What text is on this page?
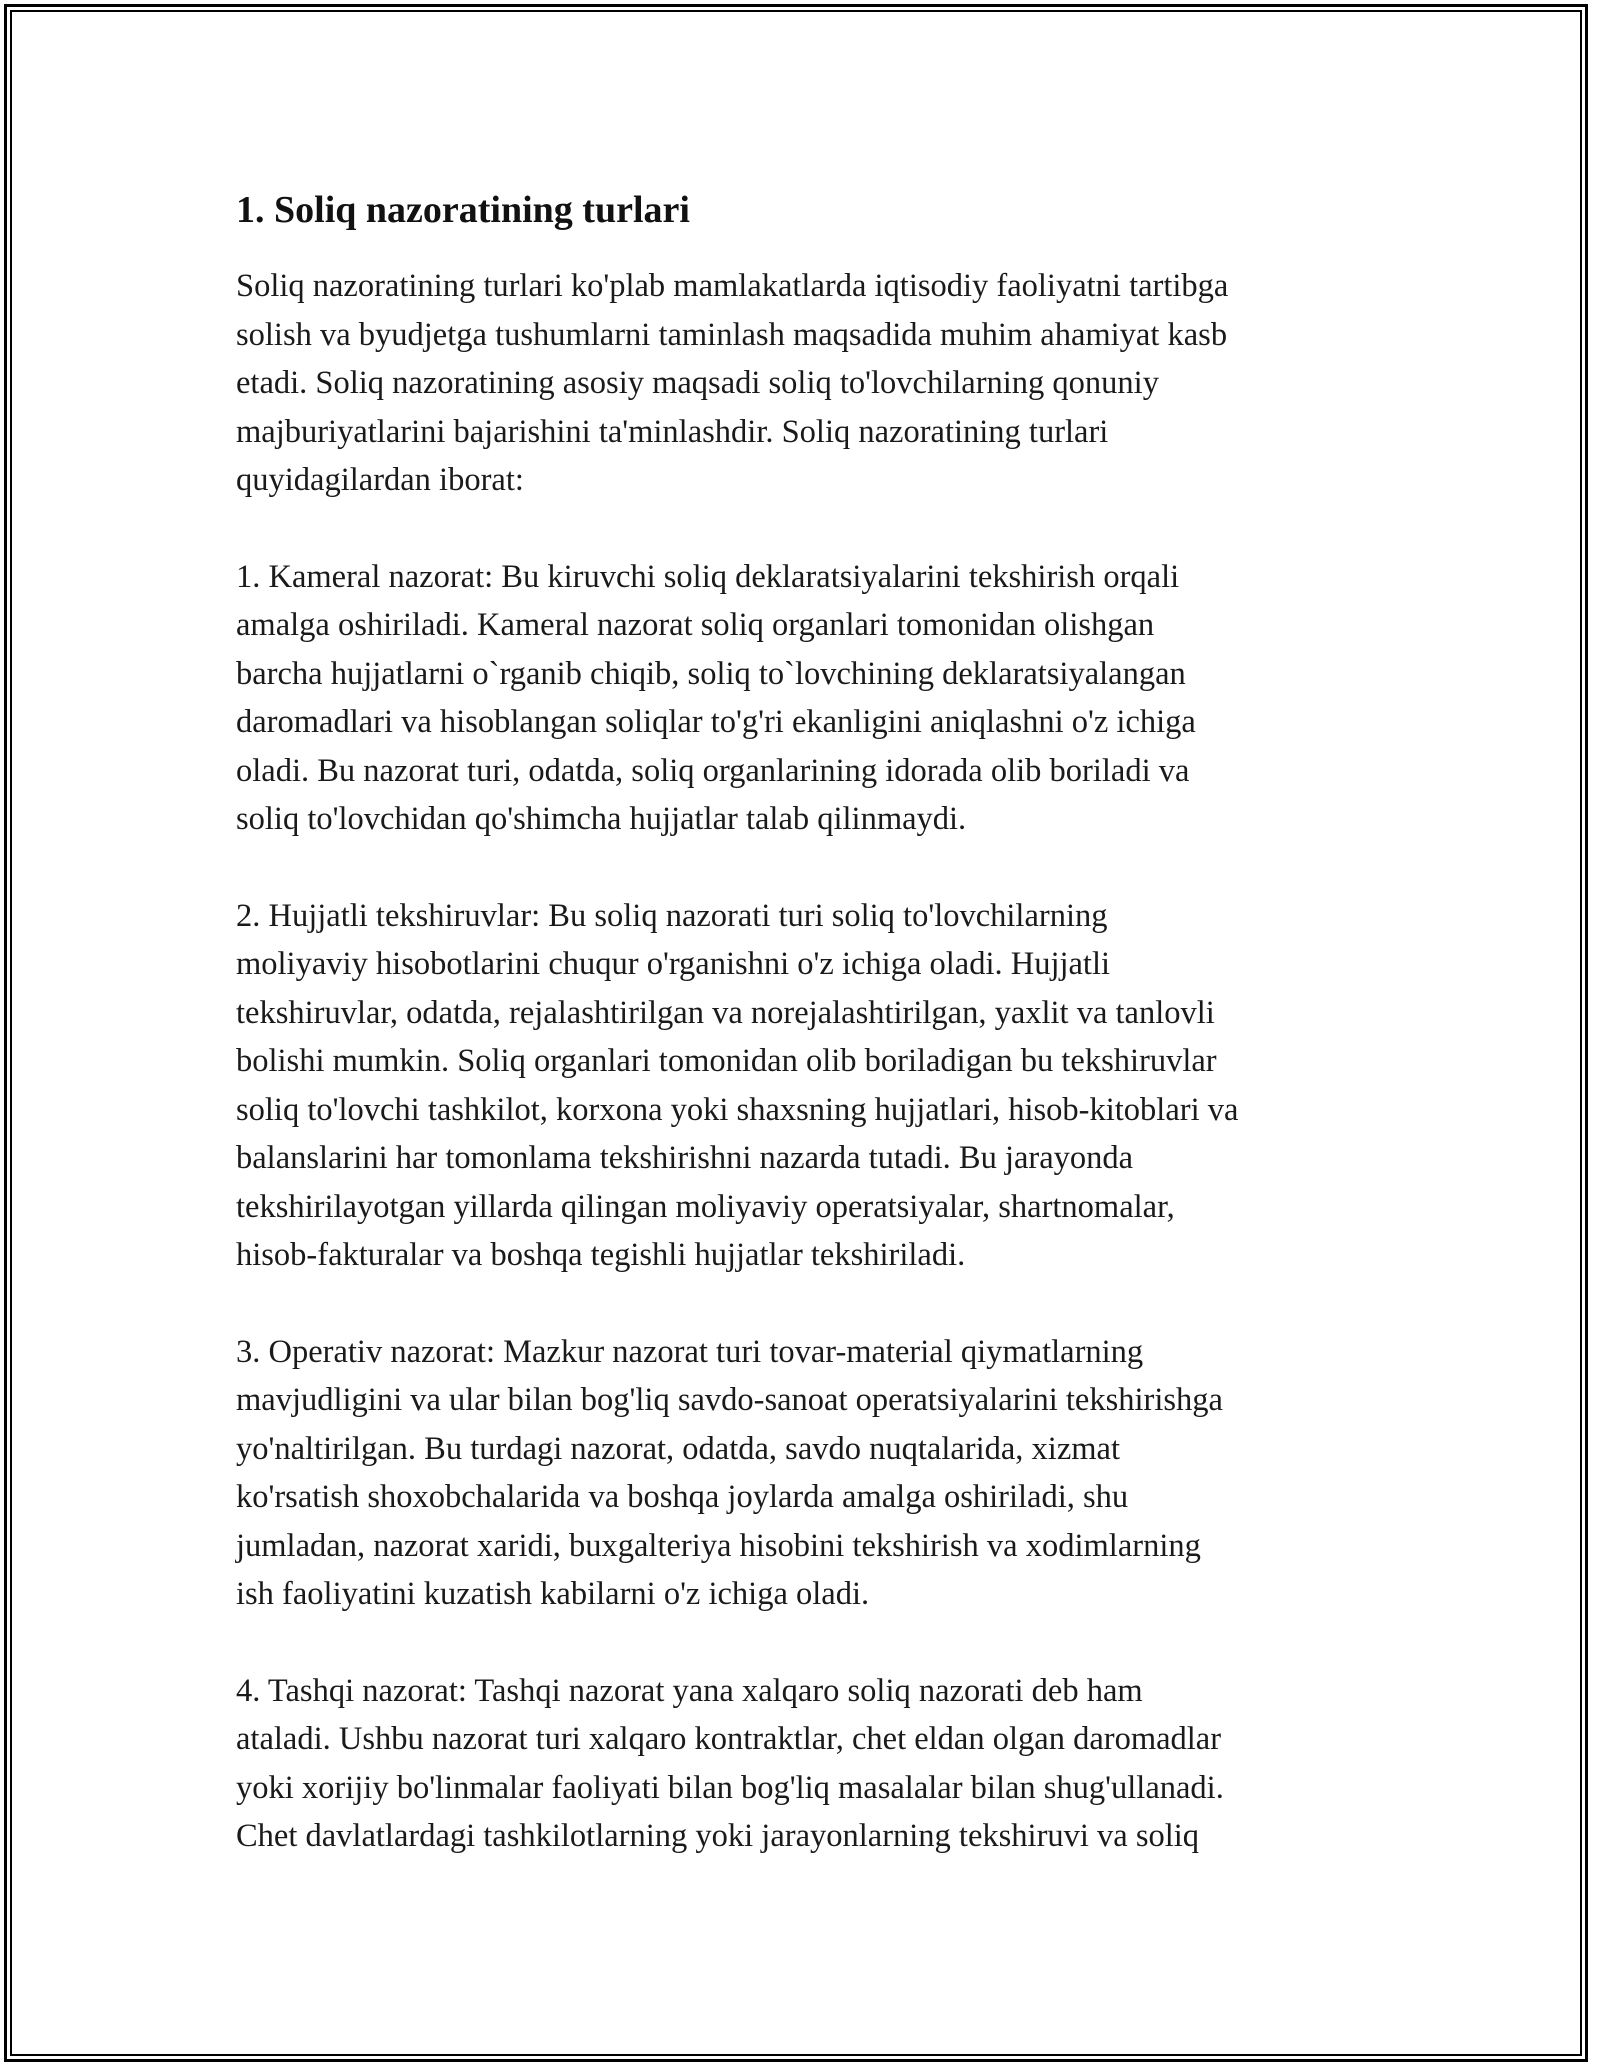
1. Soliq nazoratining turlari

Soliq nazoratining turlari ko'plab mamlakatlarda iqtisodiy faoliyatni tartibga
solish va byudjetga tushumlarni taminlash maqsadida muhim ahamiyat kasb
etadi. Soliq nazoratining asosiy maqsadi soliq to'lovchilarning qonuniy
majburiyatlarini bajarishini ta'minlashdir. Soliq nazoratining turlari
quyidagilardan iborat:

1. Kameral nazorat: Bu kiruvchi soliq deklaratsiyalarini tekshirish orqali
amalga oshiriladi. Kameral nazorat soliq organlari tomonidan olishgan
barcha hujjatlarni o`rganib chiqib, soliq to`lovchining deklaratsiyalangan
daromadlari va hisoblangan soliqlar to'g'ri ekanligini aniqlashni o'z ichiga
oladi. Bu nazorat turi, odatda, soliq organlarining idorada olib boriladi va
soliq to'lovchidan qo'shimcha hujjatlar talab qilinmaydi.

2. Hujjatli tekshiruvlar: Bu soliq nazorati turi soliq to'lovchilarning
moliyaviy hisobotlarini chuqur o'rganishni o'z ichiga oladi. Hujjatli
tekshiruvlar, odatda, rejalashtirilgan va norejalashtirilgan, yaxlit va tanlovli
bolishi mumkin. Soliq organlari tomonidan olib boriladigan bu tekshiruvlar
soliq to'lovchi tashkilot, korxona yoki shaxsning hujjatlari, hisob-kitoblari va
balanslarini har tomonlama tekshirishni nazarda tutadi. Bu jarayonda
tekshirilayotgan yillarda qilingan moliyaviy operatsiyalar, shartnomalar,
hisob-fakturalar va boshqa tegishli hujjatlar tekshiriladi.

3. Operativ nazorat: Mazkur nazorat turi tovar-material qiymatlarning
mavjudligini va ular bilan bog'liq savdo-sanoat operatsiyalarini tekshirishga
yo'naltirilgan. Bu turdagi nazorat, odatda, savdo nuqtalarida, xizmat
ko'rsatish shoxobchalarida va boshqa joylarda amalga oshiriladi, shu
jumladan, nazorat xaridi, buxgalteriya hisobini tekshirish va xodimlarning
ish faoliyatini kuzatish kabilarni o'z ichiga oladi.

4. Tashqi nazorat: Tashqi nazorat yana xalqaro soliq nazorati deb ham
ataladi. Ushbu nazorat turi xalqaro kontraktlar, chet eldan olgan daromadlar
yoki xorijiy bo'linmalar faoliyati bilan bog'liq masalalar bilan shug'ullanadi.
Chet davlatlardagi tashkilotlarning yoki jarayonlarning tekshiruvi va soliq
